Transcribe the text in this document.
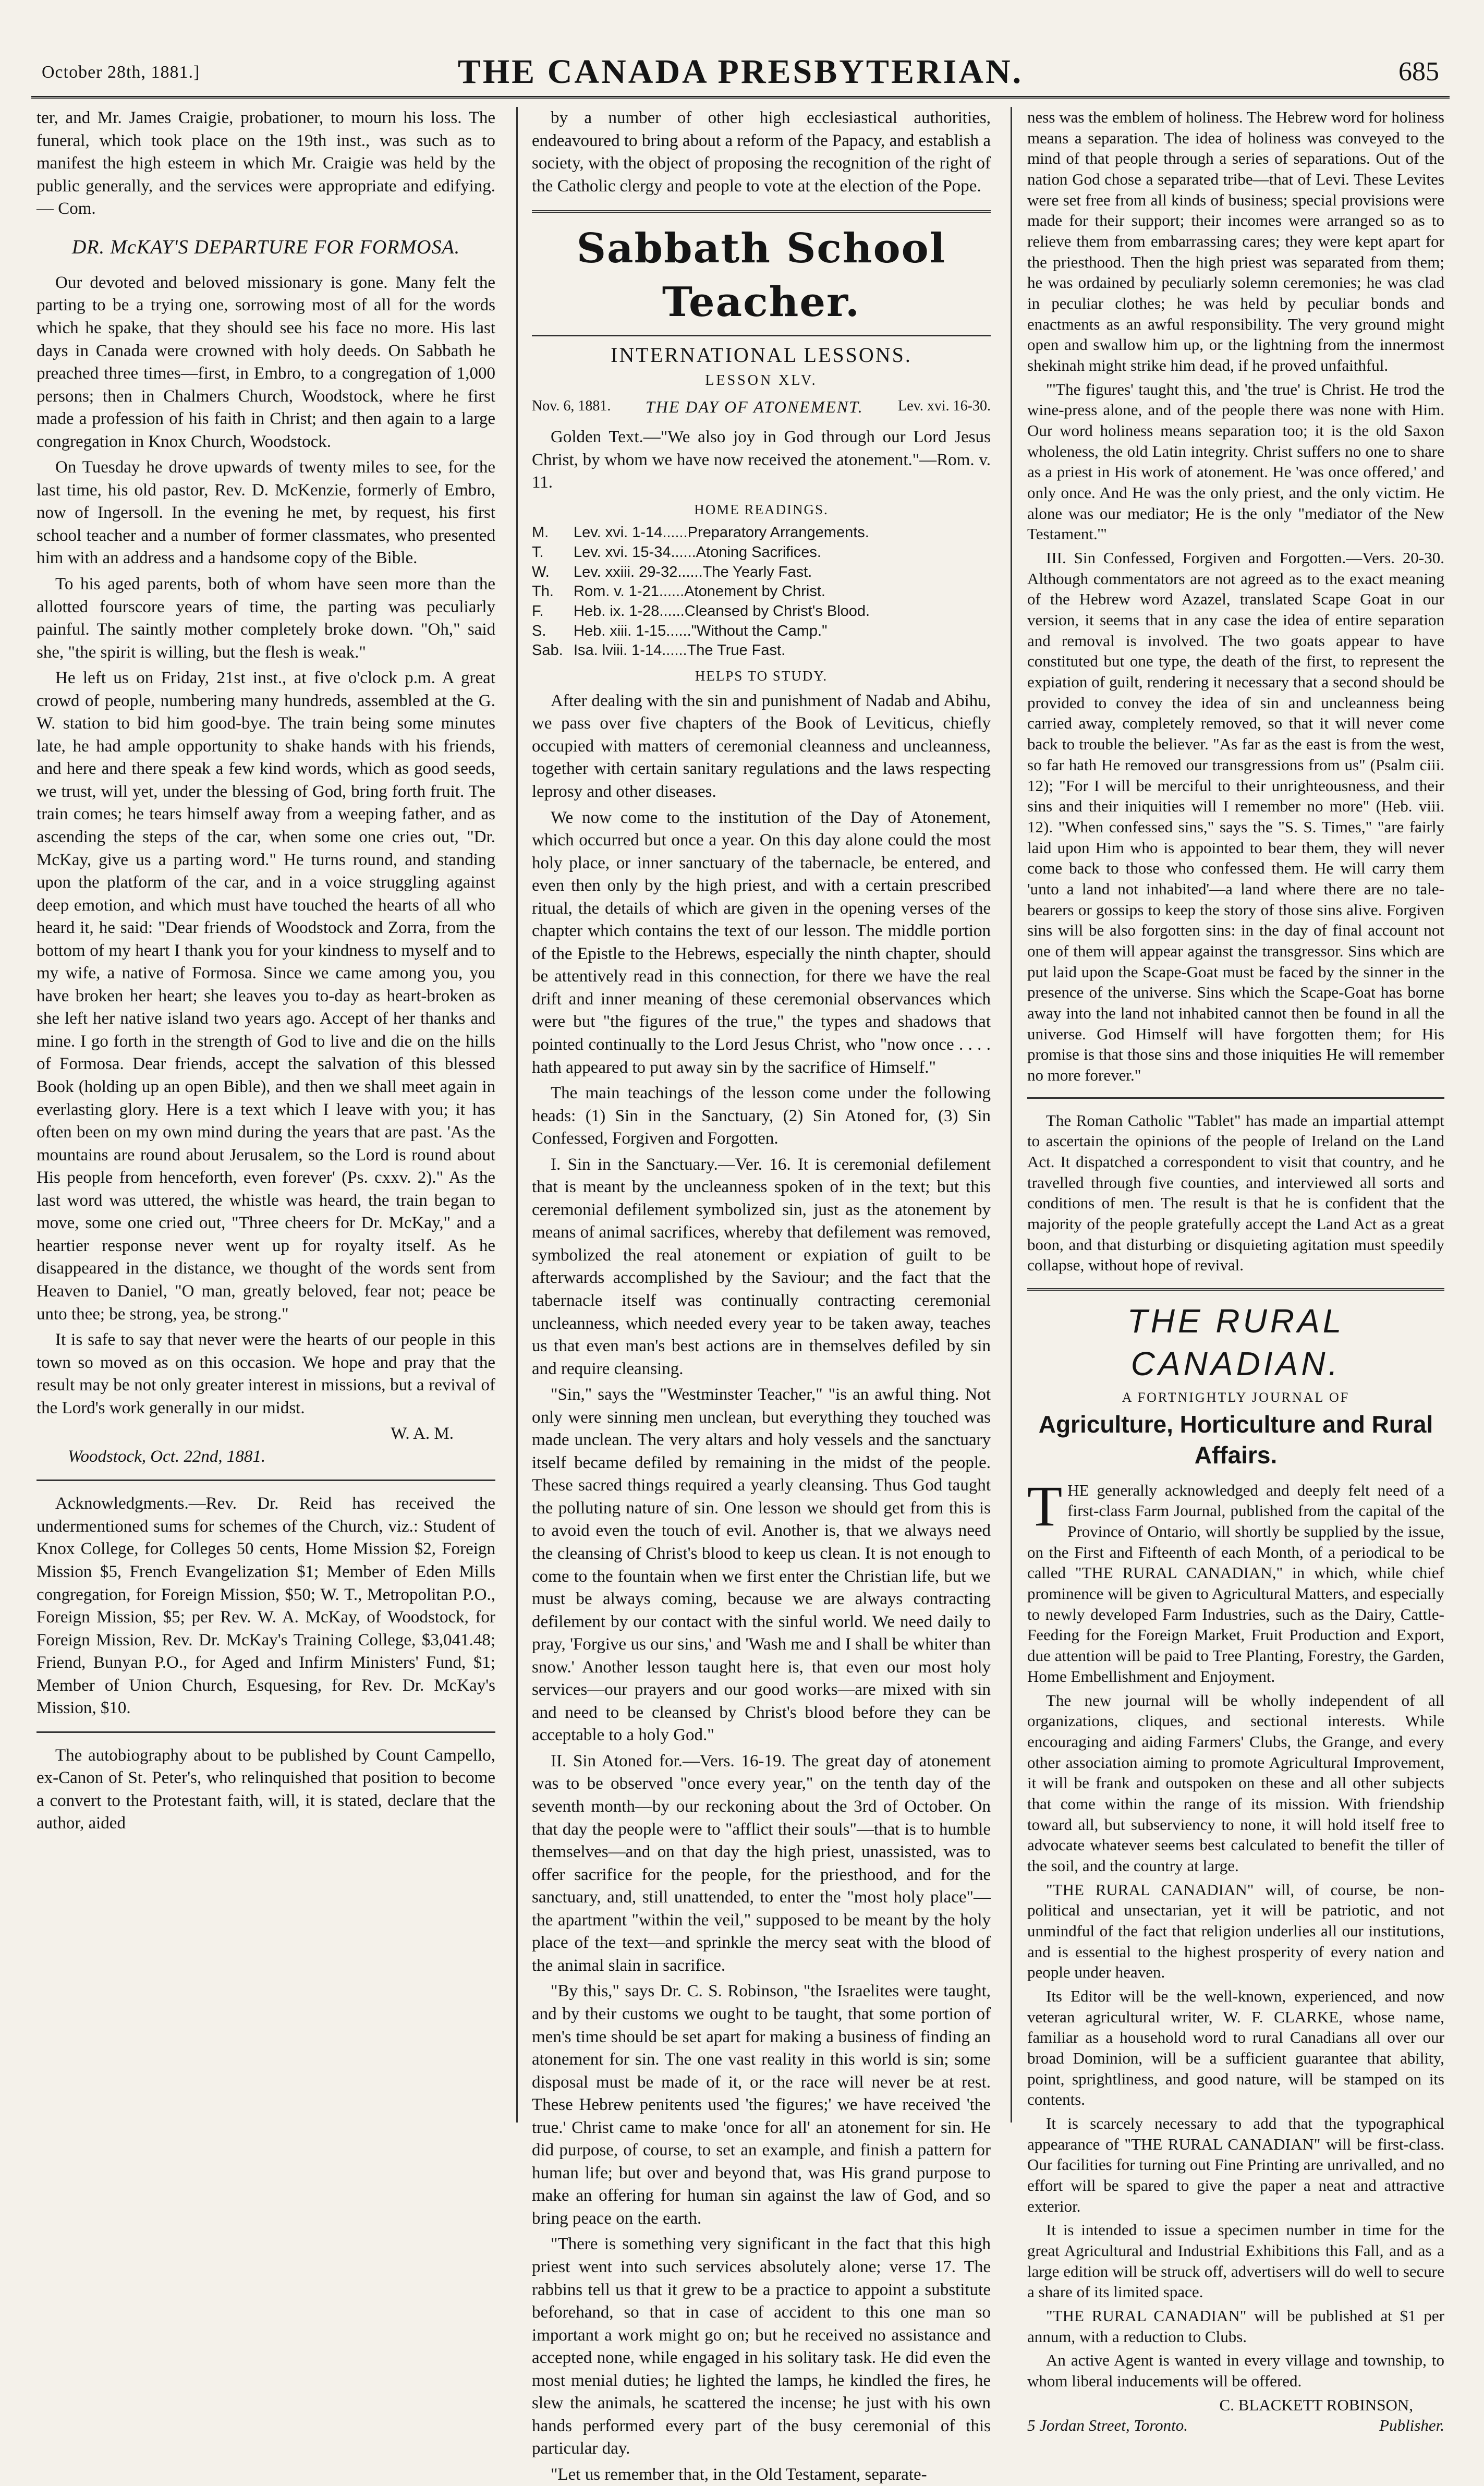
October 28th, 1881.]	THE CANADA PRESBYTERIAN.	685

ter, and Mr. James Craigie, probationer, to mourn his loss. The funeral, which took place on the 19th inst., was such as to manifest the high esteem in which Mr. Craigie was held by the public generally, and the services were appropriate and edifying.— Com.

DR. McKAY'S DEPARTURE FOR FORMOSA.

Our devoted and beloved missionary is gone. Many felt the parting to be a trying one, sorrowing most of all for the words which he spake, that they should see his face no more. His last days in Canada were crowned with holy deeds. On Sabbath he preached three times—first, in Embro, to a congregation of 1,000 persons; then in Chalmers Church, Woodstock, where he first made a profession of his faith in Christ; and then again to a large congregation in Knox Church, Woodstock.

On Tuesday he drove upwards of twenty miles to see, for the last time, his old pastor, Rev. D. McKenzie, formerly of Embro, now of Ingersoll. In the evening he met, by request, his first school teacher and a number of former classmates, who presented him with an address and a handsome copy of the Bible.

To his aged parents, both of whom have seen more than the allotted fourscore years of time, the parting was peculiarly painful. The saintly mother completely broke down. "Oh," said she, "the spirit is willing, but the flesh is weak."

He left us on Friday, 21st inst., at five o'clock p.m. A great crowd of people, numbering many hundreds, assembled at the G. W. station to bid him good-bye. The train being some minutes late, he had ample opportunity to shake hands with his friends, and here and there speak a few kind words, which as good seeds, we trust, will yet, under the blessing of God, bring forth fruit. The train comes; he tears himself away from a weeping father, and as ascending the steps of the car, when some one cries out, "Dr. McKay, give us a parting word." He turns round, and standing upon the platform of the car, and in a voice struggling against deep emotion, and which must have touched the hearts of all who heard it, he said: "Dear friends of Woodstock and Zorra, from the bottom of my heart I thank you for your kindness to myself and to my wife, a native of Formosa. Since we came among you, you have broken her heart; she leaves you to-day as heart-broken as she left her native island two years ago. Accept of her thanks and mine. I go forth in the strength of God to live and die on the hills of Formosa. Dear friends, accept the salvation of this blessed Book (holding up an open Bible), and then we shall meet again in everlasting glory. Here is a text which I leave with you; it has often been on my own mind during the years that are past. 'As the mountains are round about Jerusalem, so the Lord is round about His people from henceforth, even forever' (Ps. cxxv. 2)." As the last word was uttered, the whistle was heard, the train began to move, some one cried out, "Three cheers for Dr. McKay," and a heartier response never went up for royalty itself. As he disappeared in the distance, we thought of the words sent from Heaven to Daniel, "O man, greatly beloved, fear not; peace be unto thee; be strong, yea, be strong."

It is safe to say that never were the hearts of our people in this town so moved as on this occasion. We hope and pray that the result may be not only greater interest in missions, but a revival of the Lord's work generally in our midst.

W. A. M.
Woodstock, Oct. 22nd, 1881.

Acknowledgments.—Rev. Dr. Reid has received the undermentioned sums for schemes of the Church, viz.: Student of Knox College, for Colleges 50 cents, Home Mission $2, Foreign Mission $5, French Evangelization $1; Member of Eden Mills congregation, for Foreign Mission, $50; W. T., Metropolitan P.O., Foreign Mission, $5; per Rev. W. A. McKay, of Woodstock, for Foreign Mission, Rev. Dr. McKay's Training College, $3,041.48; Friend, Bunyan P.O., for Aged and Infirm Ministers' Fund, $1; Member of Union Church, Esquesing, for Rev. Dr. McKay's Mission, $10.

The autobiography about to be published by Count Campello, ex-Canon of St. Peter's, who relinquished that position to become a convert to the Protestant faith, will, it is stated, declare that the author, aided

by a number of other high ecclesiastical authorities, endeavoured to bring about a reform of the Papacy, and establish a society, with the object of proposing the recognition of the right of the Catholic clergy and people to vote at the election of the Pope.

Sabbath School Teacher.
INTERNATIONAL LESSONS.
LESSON XLV.
Nov. 6, 1881. THE DAY OF ATONEMENT. Lev. xvi. 16-30.

Golden Text.—"We also joy in God through our Lord Jesus Christ, by whom we have now received the atonement."—Rom. v. 11.

HOME READINGS.
M.	Lev. xvi. 1-14......Preparatory Arrangements.
T.	Lev. xvi. 15-34......Atoning Sacrifices.
W.	Lev. xxiii. 29-32......The Yearly Fast.
Th.	Rom. v. 1-21......Atonement by Christ.
F.	Heb. ix. 1-28......Cleansed by Christ's Blood.
S.	Heb. xiii. 1-15......"Without the Camp."
Sab. Isa. lviii. 1-14......The True Fast.
HELPS TO STUDY.

After dealing with the sin and punishment of Nadab and Abihu, we pass over five chapters of the Book of Leviticus, chiefly occupied with matters of ceremonial cleanness and uncleanness, together with certain sanitary regulations and the laws respecting leprosy and other diseases.

We now come to the institution of the Day of Atonement, which occurred but once a year. On this day alone could the most holy place, or inner sanctuary of the tabernacle, be entered, and even then only by the high priest, and with a certain prescribed ritual, the details of which are given in the opening verses of the chapter which contains the text of our lesson. The middle portion of the Epistle to the Hebrews, especially the ninth chapter, should be attentively read in this connection, for there we have the real drift and inner meaning of these ceremonial observances which were but "the figures of the true," the types and shadows that pointed continually to the Lord Jesus Christ, who "now once . . . . hath appeared to put away sin by the sacrifice of Himself."

The main teachings of the lesson come under the following heads: (1) Sin in the Sanctuary, (2) Sin Atoned for, (3) Sin Confessed, Forgiven and Forgotten.

I. Sin in the Sanctuary.—Ver. 16. It is ceremonial defilement that is meant by the uncleanness spoken of in the text; but this ceremonial defilement symbolized sin, just as the atonement by means of animal sacrifices, whereby that defilement was removed, symbolized the real atonement or expiation of guilt to be afterwards accomplished by the Saviour; and the fact that the tabernacle itself was continually contracting ceremonial uncleanness, which needed every year to be taken away, teaches us that even man's best actions are in themselves defiled by sin and require cleansing.

"Sin," says the "Westminster Teacher," "is an awful thing. Not only were sinning men unclean, but everything they touched was made unclean. The very altars and holy vessels and the sanctuary itself became defiled by remaining in the midst of the people. These sacred things required a yearly cleansing. Thus God taught the polluting nature of sin. One lesson we should get from this is to avoid even the touch of evil. Another is, that we always need the cleansing of Christ's blood to keep us clean. It is not enough to come to the fountain when we first enter the Christian life, but we must be always coming, because we are always contracting defilement by our contact with the sinful world. We need daily to pray, 'Forgive us our sins,' and 'Wash me and I shall be whiter than snow.' Another lesson taught here is, that even our most holy services—our prayers and our good works—are mixed with sin and need to be cleansed by Christ's blood before they can be acceptable to a holy God."

II. Sin Atoned for.—Vers. 16-19. The great day of atonement was to be observed "once every year," on the tenth day of the seventh month—by our reckoning about the 3rd of October. On that day the people were to "afflict their souls"—that is to humble themselves—and on that day the high priest, unassisted, was to offer sacrifice for the people, for the priesthood, and for the sanctuary, and, still unattended, to enter the "most holy place"—the apartment "within the veil," supposed to be meant by the holy place of the text—and sprinkle the mercy seat with the blood of the animal slain in sacrifice.

"By this," says Dr. C. S. Robinson, "the Israelites were taught, and by their customs we ought to be taught, that some portion of men's time should be set apart for making a business of finding an atonement for sin. The one vast reality in this world is sin; some disposal must be made of it, or the race will never be at rest. These Hebrew penitents used 'the figures;' we have received 'the true.' Christ came to make 'once for all' an atonement for sin. He did purpose, of course, to set an example, and finish a pattern for human life; but over and beyond that, was His grand purpose to make an offering for human sin against the law of God, and so bring peace on the earth.

"There is something very significant in the fact that this high priest went into such services absolutely alone; verse 17. The rabbins tell us that it grew to be a practice to appoint a substitute beforehand, so that in case of accident to this one man so important a work might go on; but he received no assistance and accepted none, while engaged in his solitary task. He did even the most menial duties; he lighted the lamps, he kindled the fires, he slew the animals, he scattered the incense; he just with his own hands performed every part of the busy ceremonial of this particular day.

"Let us remember that, in the Old Testament, separate-

ness was the emblem of holiness. The Hebrew word for holiness means a separation. The idea of holiness was conveyed to the mind of that people through a series of separations. Out of the nation God chose a separated tribe—that of Levi. These Levites were set free from all kinds of business; special provisions were made for their support; their incomes were arranged so as to relieve them from embarrassing cares; they were kept apart for the priesthood. Then the high priest was separated from them; he was ordained by peculiarly solemn ceremonies; he was clad in peculiar clothes; he was held by peculiar bonds and enactments as an awful responsibility. The very ground might open and swallow him up, or the lightning from the innermost shekinah might strike him dead, if he proved unfaithful.

"'The figures' taught this, and 'the true' is Christ. He trod the wine-press alone, and of the people there was none with Him. Our word holiness means separation too; it is the old Saxon wholeness, the old Latin integrity. Christ suffers no one to share as a priest in His work of atonement. He 'was once offered,' and only once. And He was the only priest, and the only victim. He alone was our mediator; He is the only "mediator of the New Testament.'"

III. Sin Confessed, Forgiven and Forgotten.—Vers. 20-30. Although commentators are not agreed as to the exact meaning of the Hebrew word Azazel, translated Scape Goat in our version, it seems that in any case the idea of entire separation and removal is involved. The two goats appear to have constituted but one type, the death of the first, to represent the expiation of guilt, rendering it necessary that a second should be provided to convey the idea of sin and uncleanness being carried away, completely removed, so that it will never come back to trouble the believer. "As far as the east is from the west, so far hath He removed our transgressions from us" (Psalm ciii. 12); "For I will be merciful to their unrighteousness, and their sins and their iniquities will I remember no more" (Heb. viii. 12). "When confessed sins," says the "S. S. Times," "are fairly laid upon Him who is appointed to bear them, they will never come back to those who confessed them. He will carry them 'unto a land not inhabited'—a land where there are no tale-bearers or gossips to keep the story of those sins alive. Forgiven sins will be also forgotten sins: in the day of final account not one of them will appear against the transgressor. Sins which are put laid upon the Scape-Goat must be faced by the sinner in the presence of the universe. Sins which the Scape-Goat has borne away into the land not inhabited cannot then be found in all the universe. God Himself will have forgotten them; for His promise is that those sins and those iniquities He will remember no more forever."

The Roman Catholic "Tablet" has made an impartial attempt to ascertain the opinions of the people of Ireland on the Land Act. It dispatched a correspondent to visit that country, and he travelled through five counties, and interviewed all sorts and conditions of men. The result is that he is confident that the majority of the people gratefully accept the Land Act as a great boon, and that disturbing or disquieting agitation must speedily collapse, without hope of revival.

THE RURAL CANADIAN.
A FORTNIGHTLY JOURNAL OF
Agriculture, Horticulture and Rural Affairs.

THE generally acknowledged and deeply felt need of a first-class Farm Journal, published from the capital of the Province of Ontario, will shortly be supplied by the issue, on the First and Fifteenth of each Month, of a periodical to be called "THE RURAL CANADIAN," in which, while chief prominence will be given to Agricultural Matters, and especially to newly developed Farm Industries, such as the Dairy, Cattle-Feeding for the Foreign Market, Fruit Production and Export, due attention will be paid to Tree Planting, Forestry, the Garden, Home Embellishment and Enjoyment.

The new journal will be wholly independent of all organizations, cliques, and sectional interests. While encouraging and aiding Farmers' Clubs, the Grange, and every other association aiming to promote Agricultural Improvement, it will be frank and outspoken on these and all other subjects that come within the range of its mission. With friendship toward all, but subserviency to none, it will hold itself free to advocate whatever seems best calculated to benefit the tiller of the soil, and the country at large.

"THE RURAL CANADIAN" will, of course, be non-political and unsectarian, yet it will be patriotic, and not unmindful of the fact that religion underlies all our institutions, and is essential to the highest prosperity of every nation and people under heaven.

Its Editor will be the well-known, experienced, and now veteran agricultural writer, W. F. CLARKE, whose name, familiar as a household word to rural Canadians all over our broad Dominion, will be a sufficient guarantee that ability, point, sprightliness, and good nature, will be stamped on its contents.

It is scarcely necessary to add that the typographical appearance of "THE RURAL CANADIAN" will be first-class. Our facilities for turning out Fine Printing are unrivalled, and no effort will be spared to give the paper a neat and attractive exterior.

It is intended to issue a specimen number in time for the great Agricultural and Industrial Exhibitions this Fall, and as a large edition will be struck off, advertisers will do well to secure a share of its limited space.

"THE RURAL CANADIAN" will be published at $1 per annum, with a reduction to Clubs.

An active Agent is wanted in every village and township, to whom liberal inducements will be offered.

C. BLACKETT ROBINSON,
5 Jordan Street, Toronto.	Publisher.
